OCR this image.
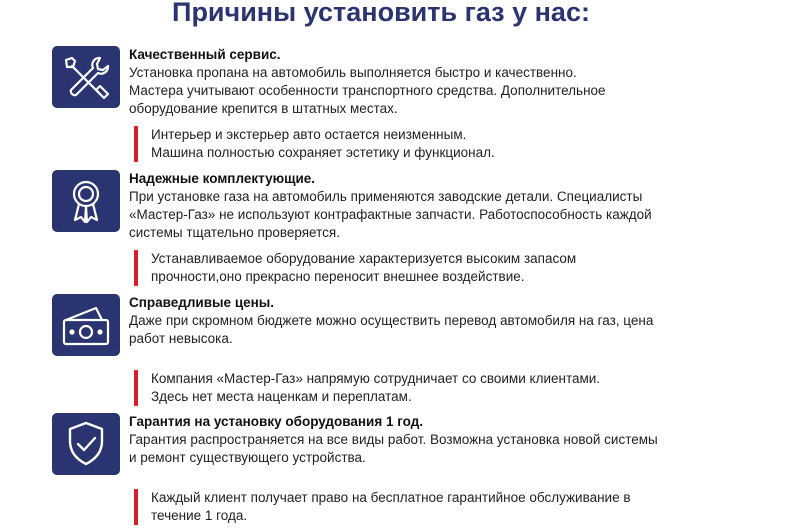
Причины установить газ у нас:
Качественный сервис.
Установка пропана на автомобиль выполняется быстро и качественно.
Мастера учитывают особенности транспортного средства. Дополнительное
оборудование крепится в штатных местах.
Интерьер и экстерьер авто остается неизменным.
Машина полностью сохраняет эстетику и функционал.
Надежные комплектующие.
При установке газа на автомобиль применяются заводские детали. Специалисты
«Мастер-Газ» не используют контрафактные запчасти. Работоспособность каждой
системы тщательно проверяется.
Устанавливаемое оборудование характеризуется высоким запасом
прочности,оно прекрасно переносит внешнее воздействие.
Справедливые цены.
Даже при скромном бюджете можно осуществить перевод автомобиля на газ, цена
работ невысока.
Компания «Мастер-Газ» напрямую сотрудничает со своими клиентами.
Здесь нет места наценкам и переплатам.
Гарантия на установку оборудования 1 год.
Гарантия распространяется на все виды работ. Возможна установка новой системы
и ремонт существующего устройства.
Каждый клиент получает право на бесплатное гарантийное обслуживание в
течение 1 года.
